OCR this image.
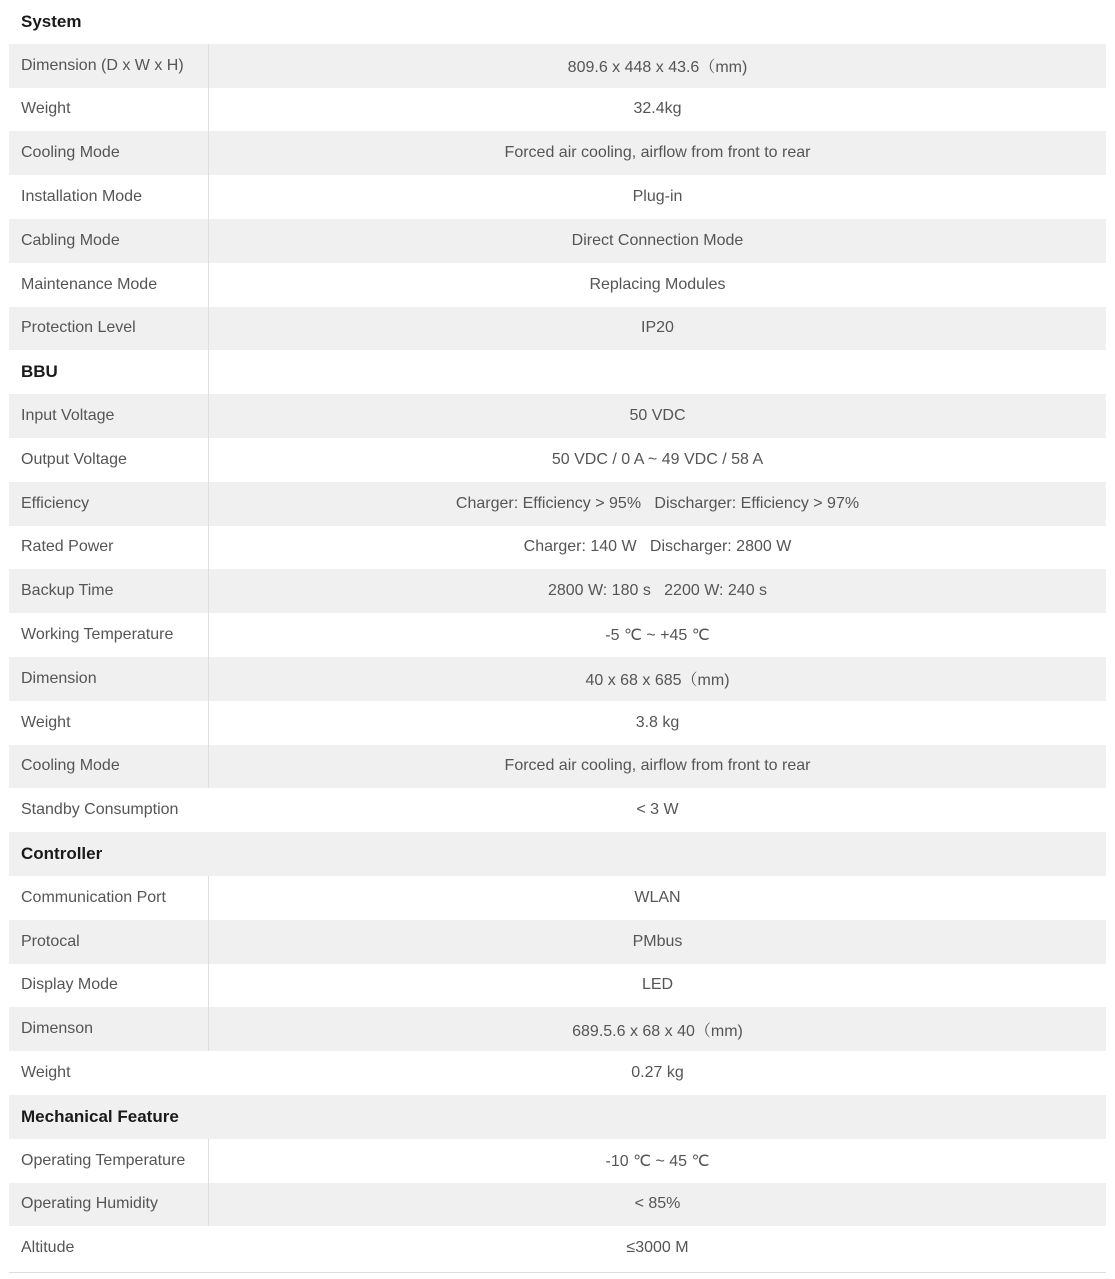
System
Dimension (D x W x H)	809.6 x 448 x 43.6（mm)
Weight	32.4kg
Cooling Mode	Forced air cooling, airflow from front to rear
Installation Mode	Plug-in
Cabling Mode	Direct Connection Mode
Maintenance Mode	Replacing Modules
Protection Level	IP20
BBU
Input Voltage	50 VDC
Output Voltage	50 VDC / 0 A ~ 49 VDC / 58 A
Efficiency	Charger: Efficiency > 95%   Discharger: Efficiency > 97%
Rated Power	Charger: 140 W   Discharger: 2800 W
Backup Time	2800 W: 180 s   2200 W: 240 s
Working Temperature	-5 ℃ ~ +45 ℃
Dimension	40 x 68 x 685（mm)
Weight	3.8 kg
Cooling Mode	Forced air cooling, airflow from front to rear
Standby Consumption	< 3 W
Controller
Communication Port	WLAN
Protocal	PMbus
Display Mode	LED
Dimenson	689.5.6 x 68 x 40（mm)
Weight	0.27 kg
Mechanical Feature
Operating Temperature	-10 ℃ ~ 45 ℃
Operating Humidity	< 85%
Altitude	≤3000 M
